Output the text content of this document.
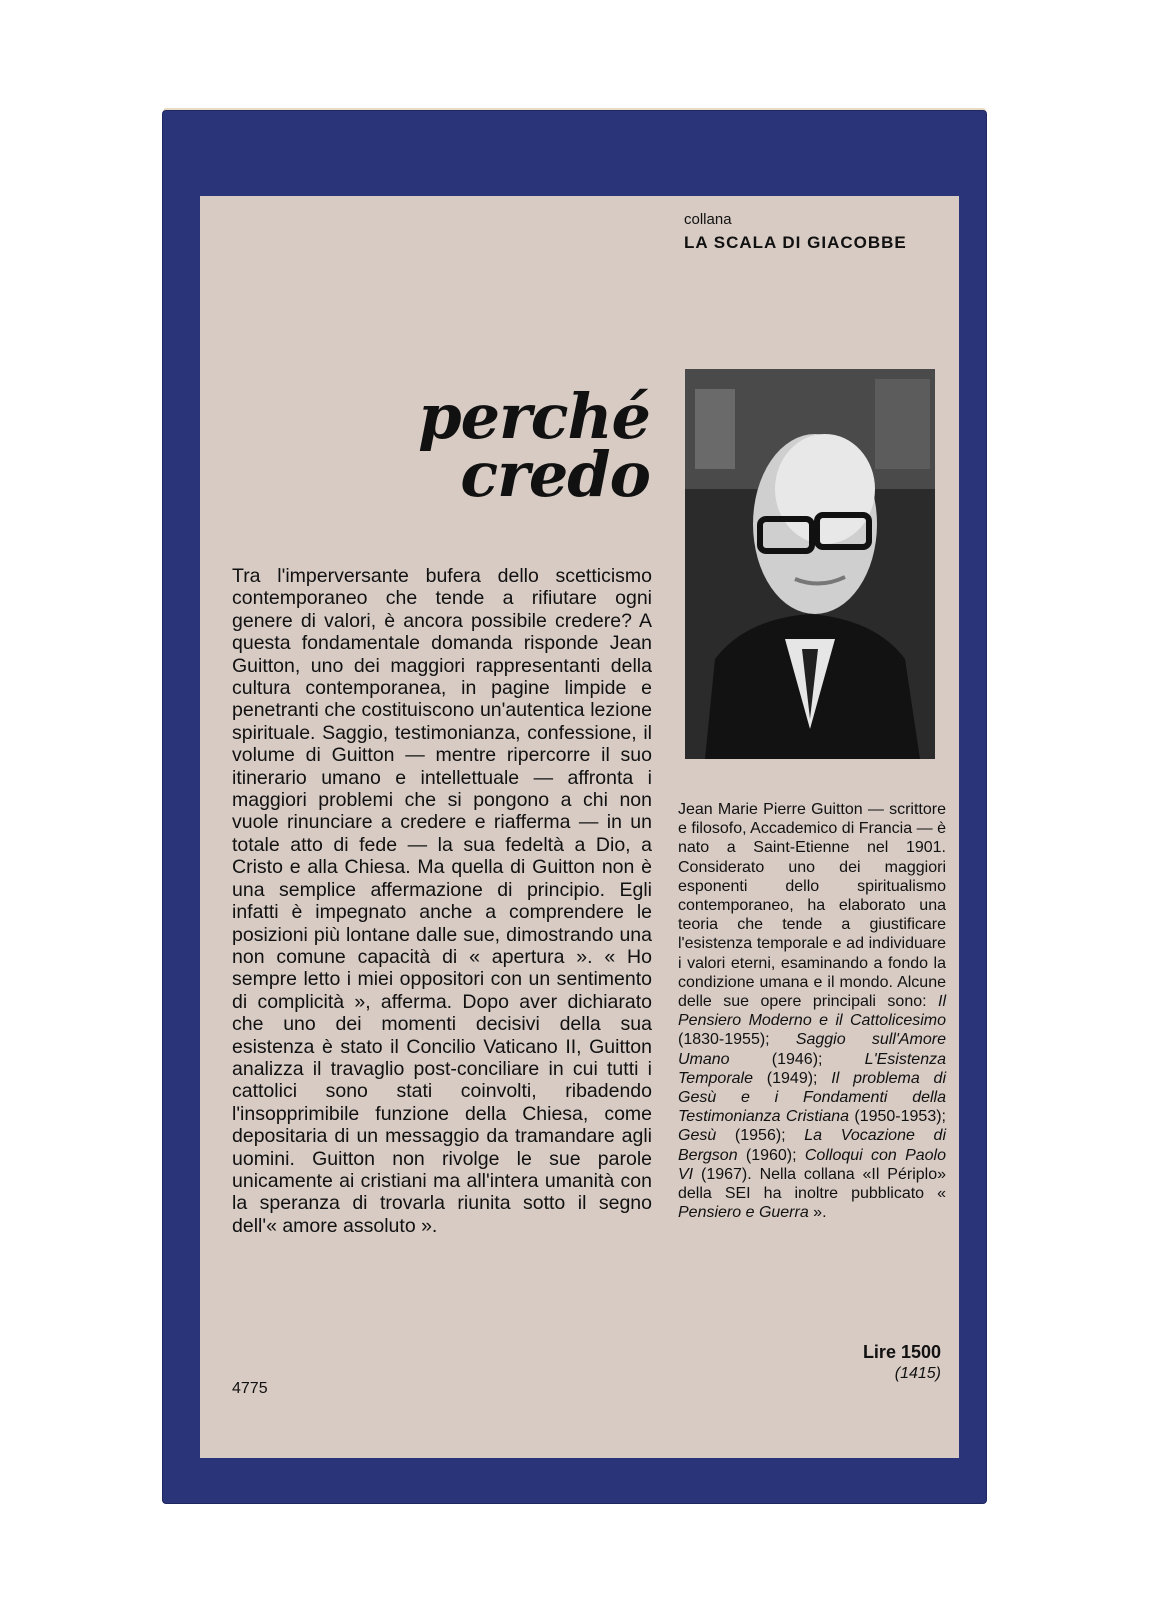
collana
LA SCALA DI GIACOBBE
perché
credo
Tra l'imperversante bufera dello scetticismo contemporaneo che tende a rifiutare ogni genere di valori, è ancora possibile credere? A questa fondamentale domanda risponde Jean Guitton, uno dei maggiori rappresentanti della cultura contemporanea, in pagine limpide e penetranti che costituiscono un'autentica lezione spirituale. Saggio, testimonianza, confessione, il volume di Guitton — mentre ripercorre il suo itinerario umano e intellettuale — affronta i maggiori problemi che si pongono a chi non vuole rinunciare a credere e riafferma — in un totale atto di fede — la sua fedeltà a Dio, a Cristo e alla Chiesa. Ma quella di Guitton non è una semplice affermazione di principio. Egli infatti è impegnato anche a comprendere le posizioni più lontane dalle sue, dimostrando una non comune capacità di « apertura ». « Ho sempre letto i miei oppositori con un sentimento di complicità », afferma. Dopo aver dichiarato che uno dei momenti decisivi della sua esistenza è stato il Concilio Vaticano II, Guitton analizza il travaglio post-conciliare in cui tutti i cattolici sono stati coinvolti, ribadendo l'insopprimibile funzione della Chiesa, come depositaria di un messaggio da tramandare agli uomini. Guitton non rivolge le sue parole unicamente ai cristiani ma all'intera umanità con la speranza di trovarla riunita sotto il segno dell'« amore assoluto ».
Jean Marie Pierre Guitton — scrittore e filosofo, Accademico di Francia — è nato a Saint-Etienne nel 1901. Considerato uno dei maggiori esponenti dello spiritualismo contemporaneo, ha elaborato una teoria che tende a giustificare l'esistenza temporale e ad individuare i valori eterni, esaminando a fondo la condizione umana e il mondo. Alcune delle sue opere principali sono: Il Pensiero Moderno e il Cattolicesimo (1830-1955); Saggio sull'Amore Umano (1946); L'Esistenza Temporale (1949); Il problema di Gesù e i Fondamenti della Testimonianza Cristiana (1950-1953); Gesù (1956); La Vocazione di Bergson (1960); Colloqui con Paolo VI (1967). Nella collana «Il Périplo» della SEI ha inoltre pubblicato « Pensiero e Guerra ».
Lire 1500
(1415)
4775
